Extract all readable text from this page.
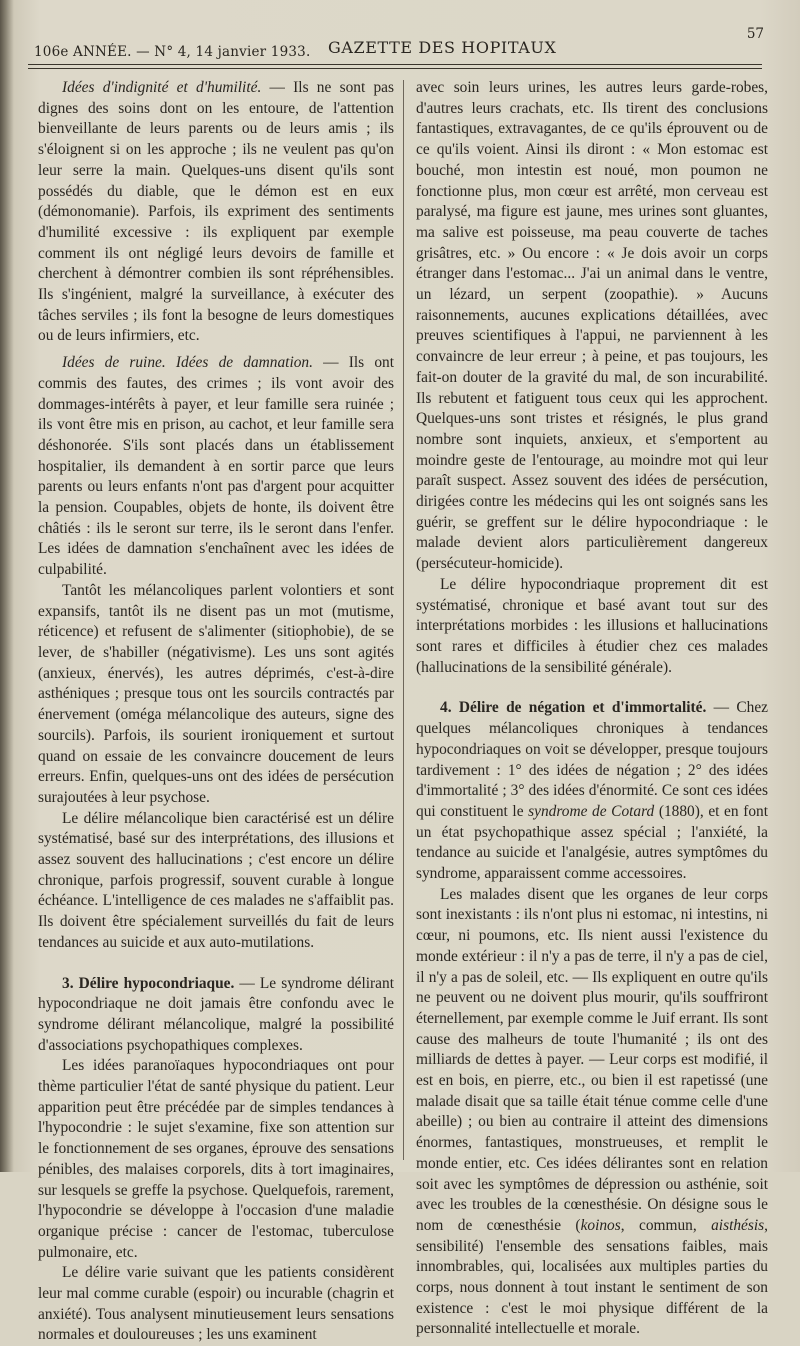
106e ANNÉE. — N° 4, 14 janvier 1933. GAZETTE DES HOPITAUX
57

Idées d'indignité et d'humilité. — Ils ne sont pas dignes des soins dont on les entoure, de l'attention bienveillante de leurs parents ou de leurs amis ; ils s'éloignent si on les approche ; ils ne veulent pas qu'on leur serre la main. Quelques-uns disent qu'ils sont possédés du diable, que le démon est en eux (démonomanie). Parfois, ils expriment des sentiments d'humilité excessive : ils expliquent par exemple comment ils ont négligé leurs devoirs de famille et cherchent à démontrer combien ils sont répréhensibles. Ils s'ingénient, malgré la surveillance, à exécuter des tâches serviles ; ils font la besogne de leurs domestiques ou de leurs infirmiers, etc.

Idées de ruine. Idées de damnation. — Ils ont commis des fautes, des crimes ; ils vont avoir des dommages-intérêts à payer, et leur famille sera ruinée ; ils vont être mis en prison, au cachot, et leur famille sera déshonorée. S'ils sont placés dans un établissement hospitalier, ils demandent à en sortir parce que leurs parents ou leurs enfants n'ont pas d'argent pour acquitter la pension. Coupables, objets de honte, ils doivent être châtiés : ils le seront sur terre, ils le seront dans l'enfer. Les idées de damnation s'enchaînent avec les idées de culpabilité.

Tantôt les mélancoliques parlent volontiers et sont expansifs, tantôt ils ne disent pas un mot (mutisme, réticence) et refusent de s'alimenter (sitiophobie), de se lever, de s'habiller (négativisme). Les uns sont agités (anxieux, énervés), les autres déprimés, c'est-à-dire asthéniques ; presque tous ont les sourcils contractés par énervement (oméga mélancolique des auteurs, signe des sourcils). Parfois, ils sourient ironiquement et surtout quand on essaie de les convaincre doucement de leurs erreurs. Enfin, quelques-uns ont des idées de persécution surajoutées à leur psychose.

Le délire mélancolique bien caractérisé est un délire systématisé, basé sur des interprétations, des illusions et assez souvent des hallucinations ; c'est encore un délire chronique, parfois progressif, souvent curable à longue échéance. L'intelligence de ces malades ne s'affaiblit pas. Ils doivent être spécialement surveillés du fait de leurs tendances au suicide et aux auto-mutilations.

3. Délire hypocondriaque. — Le syndrome délirant hypocondriaque ne doit jamais être confondu avec le syndrome délirant mélancolique, malgré la possibilité d'associations psychopathiques complexes.

Les idées paranoïaques hypocondriaques ont pour thème particulier l'état de santé physique du patient. Leur apparition peut être précédée par de simples tendances à l'hypocondrie : le sujet s'examine, fixe son attention sur le fonctionnement de ses organes, éprouve des sensations pénibles, des malaises corporels, dits à tort imaginaires, sur lesquels se greffe la psychose. Quelquefois, rarement, l'hypocondrie se développe à l'occasion d'une maladie organique précise : cancer de l'estomac, tuberculose pulmonaire, etc.

Le délire varie suivant que les patients considèrent leur mal comme curable (espoir) ou incurable (chagrin et anxiété). Tous analysent minutieusement leurs sensations normales et douloureuses ; les uns examinent

avec soin leurs urines, les autres leurs garde-robes, d'autres leurs crachats, etc. Ils tirent des conclusions fantastiques, extravagantes, de ce qu'ils éprouvent ou de ce qu'ils voient. Ainsi ils diront : « Mon estomac est bouché, mon intestin est noué, mon poumon ne fonctionne plus, mon cœur est arrêté, mon cerveau est paralysé, ma figure est jaune, mes urines sont gluantes, ma salive est poisseuse, ma peau couverte de taches grisâtres, etc. » Ou encore : « Je dois avoir un corps étranger dans l'estomac... J'ai un animal dans le ventre, un lézard, un serpent (zoopathie). » Aucuns raisonnements, aucunes explications détaillées, avec preuves scientifiques à l'appui, ne parviennent à les convaincre de leur erreur ; à peine, et pas toujours, les fait-on douter de la gravité du mal, de son incurabilité. Ils rebutent et fatiguent tous ceux qui les approchent. Quelques-uns sont tristes et résignés, le plus grand nombre sont inquiets, anxieux, et s'emportent au moindre geste de l'entourage, au moindre mot qui leur paraît suspect. Assez souvent des idées de persécution, dirigées contre les médecins qui les ont soignés sans les guérir, se greffent sur le délire hypocondriaque : le malade devient alors particulièrement dangereux (persécuteur-homicide).

Le délire hypocondriaque proprement dit est systématisé, chronique et basé avant tout sur des interprétations morbides : les illusions et hallucinations sont rares et difficiles à étudier chez ces malades (hallucinations de la sensibilité générale).

4. Délire de négation et d'immortalité. — Chez quelques mélancoliques chroniques à tendances hypocondriaques on voit se développer, presque toujours tardivement : 1° des idées de négation ; 2° des idées d'immortalité ; 3° des idées d'énormité. Ce sont ces idées qui constituent le syndrome de Cotard (1880), et en font un état psychopathique assez spécial ; l'anxiété, la tendance au suicide et l'analgésie, autres symptômes du syndrome, apparaissent comme accessoires.

Les malades disent que les organes de leur corps sont inexistants : ils n'ont plus ni estomac, ni intestins, ni cœur, ni poumons, etc. Ils nient aussi l'existence du monde extérieur : il n'y a pas de terre, il n'y a pas de ciel, il n'y a pas de soleil, etc. — Ils expliquent en outre qu'ils ne peuvent ou ne doivent plus mourir, qu'ils souffriront éternellement, par exemple comme le Juif errant. Ils sont cause des malheurs de toute l'humanité ; ils ont des milliards de dettes à payer. — Leur corps est modifié, il est en bois, en pierre, etc., ou bien il est rapetissé (une malade disait que sa taille était ténue comme celle d'une abeille) ; ou bien au contraire il atteint des dimensions énormes, fantastiques, monstrueuses, et remplit le monde entier, etc. Ces idées délirantes sont en relation soit avec les symptômes de dépression ou asthénie, soit avec les troubles de la cœnesthésie. On désigne sous le nom de cœnesthésie (koinos, commun, aisthésis, sensibilité) l'ensemble des sensations faibles, mais innombrables, qui, localisées aux multiples parties du corps, nous donnent à tout instant le sentiment de son existence : c'est le moi physique différent de la personnalité intellectuelle et morale.
